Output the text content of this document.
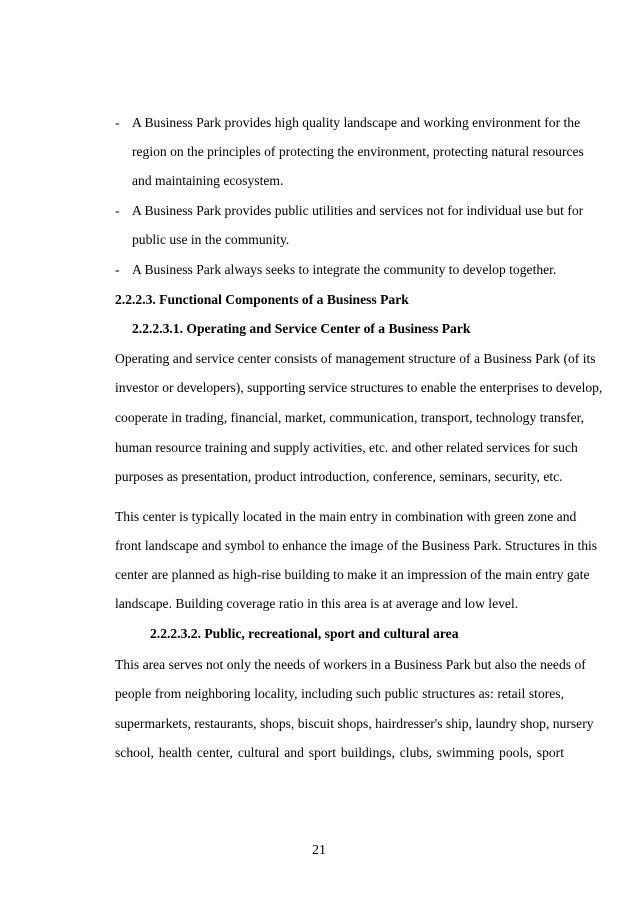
- A Business Park provides high quality landscape and working environment for the
region on the principles of protecting the environment, protecting natural resources
and maintaining ecosystem.
- A Business Park provides public utilities and services not for individual use but for
public use in the community.
- A Business Park always seeks to integrate the community to develop together.
2.2.2.3. Functional Components of a Business Park
2.2.2.3.1. Operating and Service Center of a Business Park
Operating and service center consists of management structure of a Business Park (of its
investor or developers), supporting service structures to enable the enterprises to develop,
cooperate in trading, financial, market, communication, transport, technology transfer,
human resource training and supply activities, etc. and other related services for such
purposes as presentation, product introduction, conference, seminars, security, etc.
This center is typically located in the main entry in combination with green zone and
front landscape and symbol to enhance the image of the Business Park. Structures in this
center are planned as high-rise building to make it an impression of the main entry gate
landscape. Building coverage ratio in this area is at average and low level.
2.2.2.3.2. Public, recreational, sport and cultural area
This area serves not only the needs of workers in a Business Park but also the needs of
people from neighboring locality, including such public structures as: retail stores,
supermarkets, restaurants, shops, biscuit shops, hairdresser's ship, laundry shop, nursery
school, health center, cultural and sport buildings, clubs, swimming pools, sport
21
